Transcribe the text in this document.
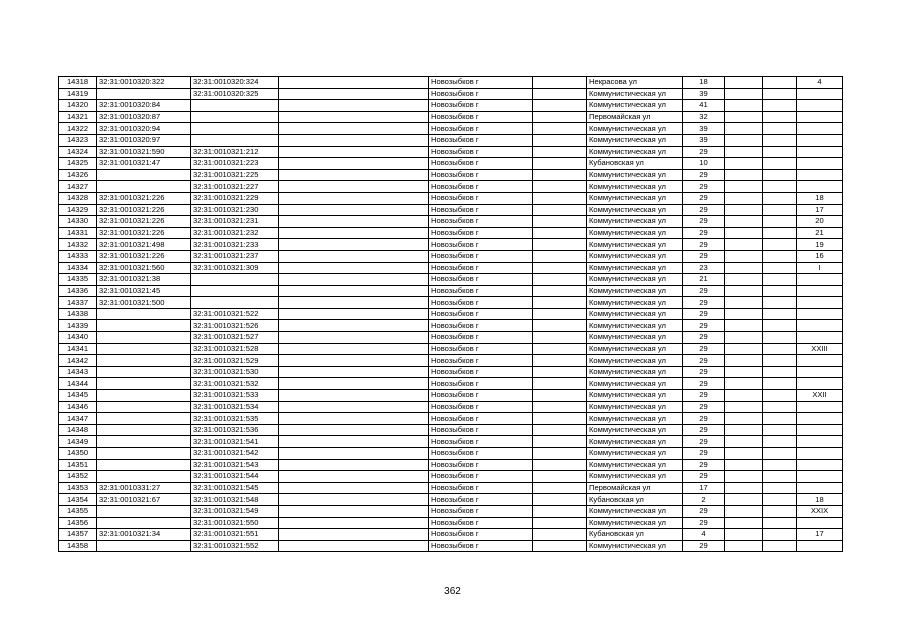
14318	32:31:0010320:322	32:31:0010320:324		Новозыбков г		Некрасова ул	18			4
14319		32:31:0010320:325		Новозыбков г		Коммунистическая ул	39			
14320	32:31:0010320:84			Новозыбков г		Коммунистическая ул	41			
14321	32:31:0010320:87			Новозыбков г		Первомайская ул	32			
14322	32:31:0010320:94			Новозыбков г		Коммунистическая ул	39			
14323	32:31:0010320:97			Новозыбков г		Коммунистическая ул	39			
14324	32:31:0010321:590	32:31:0010321:212		Новозыбков г		Коммунистическая ул	29			
14325	32:31:0010321:47	32:31:0010321:223		Новозыбков г		Кубановская ул	10			
14326		32:31:0010321:225		Новозыбков г		Коммунистическая ул	29			
14327		32:31:0010321:227		Новозыбков г		Коммунистическая ул	29			
14328	32:31:0010321:226	32:31:0010321:229		Новозыбков г		Коммунистическая ул	29			18
14329	32:31:0010321:226	32:31:0010321:230		Новозыбков г		Коммунистическая ул	29			17
14330	32:31:0010321:226	32:31:0010321:231		Новозыбков г		Коммунистическая ул	29			20
14331	32:31:0010321:226	32:31:0010321:232		Новозыбков г		Коммунистическая ул	29			21
14332	32:31:0010321:498	32:31:0010321:233		Новозыбков г		Коммунистическая ул	29			19
14333	32:31:0010321:226	32:31:0010321:237		Новозыбков г		Коммунистическая ул	29			16
14334	32:31:0010321:560	32:31:0010321:309		Новозыбков г		Коммунистическая ул	23			I
14335	32:31:0010321:38			Новозыбков г		Коммунистическая ул	21			
14336	32:31:0010321:45			Новозыбков г		Коммунистическая ул	29			
14337	32:31:0010321:500			Новозыбков г		Коммунистическая ул	29			
14338		32:31:0010321:522		Новозыбков г		Коммунистическая ул	29			
14339		32:31:0010321:526		Новозыбков г		Коммунистическая ул	29			
14340		32:31:0010321:527		Новозыбков г		Коммунистическая ул	29			
14341		32:31:0010321:528		Новозыбков г		Коммунистическая ул	29			XXIII
14342		32:31:0010321:529		Новозыбков г		Коммунистическая ул	29			
14343		32:31:0010321:530		Новозыбков г		Коммунистическая ул	29			
14344		32:31:0010321:532		Новозыбков г		Коммунистическая ул	29			
14345		32:31:0010321:533		Новозыбков г		Коммунистическая ул	29			XXII
14346		32:31:0010321:534		Новозыбков г		Коммунистическая ул	29			
14347		32:31:0010321:535		Новозыбков г		Коммунистическая ул	29			
14348		32:31:0010321:536		Новозыбков г		Коммунистическая ул	29			
14349		32:31:0010321:541		Новозыбков г		Коммунистическая ул	29			
14350		32:31:0010321:542		Новозыбков г		Коммунистическая ул	29			
14351		32:31:0010321:543		Новозыбков г		Коммунистическая ул	29			
14352		32:31:0010321:544		Новозыбков г		Коммунистическая ул	29			
14353	32:31:0010331:27	32:31:0010321:545		Новозыбков г		Первомайская ул	17			
14354	32:31:0010321:67	32:31:0010321:548		Новозыбков г		Кубановская ул	2			18
14355		32:31:0010321:549		Новозыбков г		Коммунистическая ул	29			XXIX
14356		32:31:0010321:550		Новозыбков г		Коммунистическая ул	29			
14357	32:31:0010321:34	32:31:0010321:551		Новозыбков г		Кубановская ул	4			17
14358		32:31:0010321:552		Новозыбков г		Коммунистическая ул	29			
362
